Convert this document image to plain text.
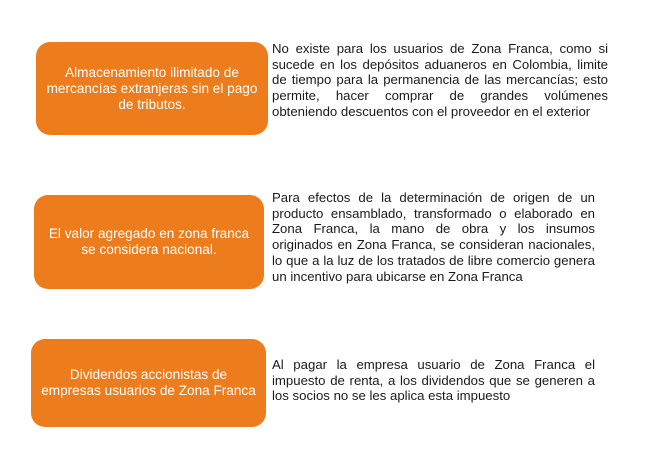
Almacenamiento ilimitado de mercancías extranjeras sin el pago de tributos.

No existe para los usuarios de Zona Franca, como si sucede en los depósitos aduaneros en Colombia, limite de tiempo para la permanencia de las mercancías; esto permite, hacer comprar de grandes volúmenes obteniendo descuentos con el proveedor en el exterior

El valor agregado en zona franca se considera nacional.

Para efectos de la determinación de origen de un producto ensamblado, transformado o elaborado en Zona Franca, la mano de obra y los insumos originados en Zona Franca, se consideran nacionales, lo que a la luz de los tratados de libre comercio genera un incentivo para ubicarse en Zona Franca

Dividendos accionistas de empresas usuarios de Zona Franca

Al pagar la empresa usuario de Zona Franca el impuesto de renta, a los dividendos que se generen a los socios no se les aplica esta impuesto
